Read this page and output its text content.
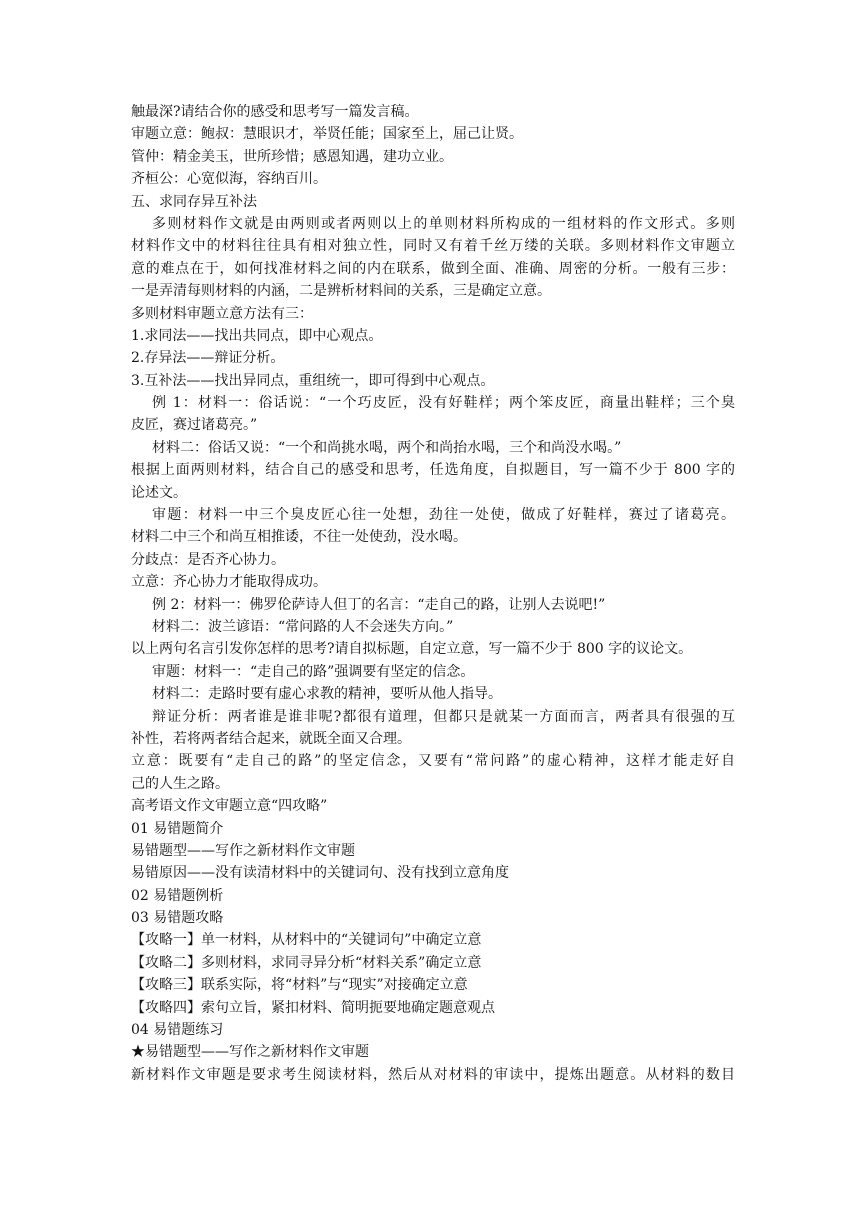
触最深?请结合你的感受和思考写一篇发言稿。

审题立意：鲍叔：慧眼识才，举贤任能；国家至上，屈己让贤。

管仲：精金美玉，世所珍惜；感恩知遇，建功立业。

齐桓公：心宽似海，容纳百川。

五、求同存异互补法

多则材料作文就是由两则或者两则以上的单则材料所构成的一组材料的作文形式。多则

材料作文中的材料往往具有相对独立性，同时又有着千丝万缕的关联。多则材料作文审题立

意的难点在于，如何找准材料之间的内在联系，做到全面、准确、周密的分析。一般有三步：

一是弄清每则材料的内涵，二是辨析材料间的关系，三是确定立意。

多则材料审题立意方法有三：

1.求同法——找出共同点，即中心观点。

2.存异法——辩证分析。

3.互补法——找出异同点，重组统一，即可得到中心观点。

例 1：材料一：俗话说：“一个巧皮匠，没有好鞋样；两个笨皮匠，商量出鞋样；三个臭

皮匠，赛过诸葛亮。”

材料二：俗话又说：“一个和尚挑水喝，两个和尚抬水喝，三个和尚没水喝。”

根据上面两则材料，结合自己的感受和思考，任选角度，自拟题目，写一篇不少于 800 字的

论述文。

审题：材料一中三个臭皮匠心往一处想，劲往一处使，做成了好鞋样，赛过了诸葛亮。

材料二中三个和尚互相推诿，不往一处使劲，没水喝。

分歧点：是否齐心协力。

立意：齐心协力才能取得成功。

例 2：材料一：佛罗伦萨诗人但丁的名言：“走自己的路，让别人去说吧!”

材料二：波兰谚语：“常问路的人不会迷失方向。”

以上两句名言引发你怎样的思考?请自拟标题，自定立意，写一篇不少于 800 字的议论文。

审题：材料一：“走自己的路”强调要有坚定的信念。

材料二：走路时要有虚心求教的精神，要听从他人指导。

辩证分析：两者谁是谁非呢?都很有道理，但都只是就某一方面而言，两者具有很强的互

补性，若将两者结合起来，就既全面又合理。

立意：既要有“走自己的路”的坚定信念，又要有“常问路”的虚心精神，这样才能走好自

己的人生之路。

高考语文作文审题立意“四攻略”

01 易错题简介

易错题型——写作之新材料作文审题

易错原因——没有读清材料中的关键词句、没有找到立意角度

02 易错题例析

03 易错题攻略

【攻略一】单一材料，从材料中的“关键词句”中确定立意

【攻略二】多则材料，求同寻异分析“材料关系”确定立意

【攻略三】联系实际，将“材料”与“现实”对接确定立意

【攻略四】索句立旨，紧扣材料、简明扼要地确定题意观点

04 易错题练习

★易错题型——写作之新材料作文审题

新材料作文审题是要求考生阅读材料，然后从对材料的审读中，提炼出题意。从材料的数目
